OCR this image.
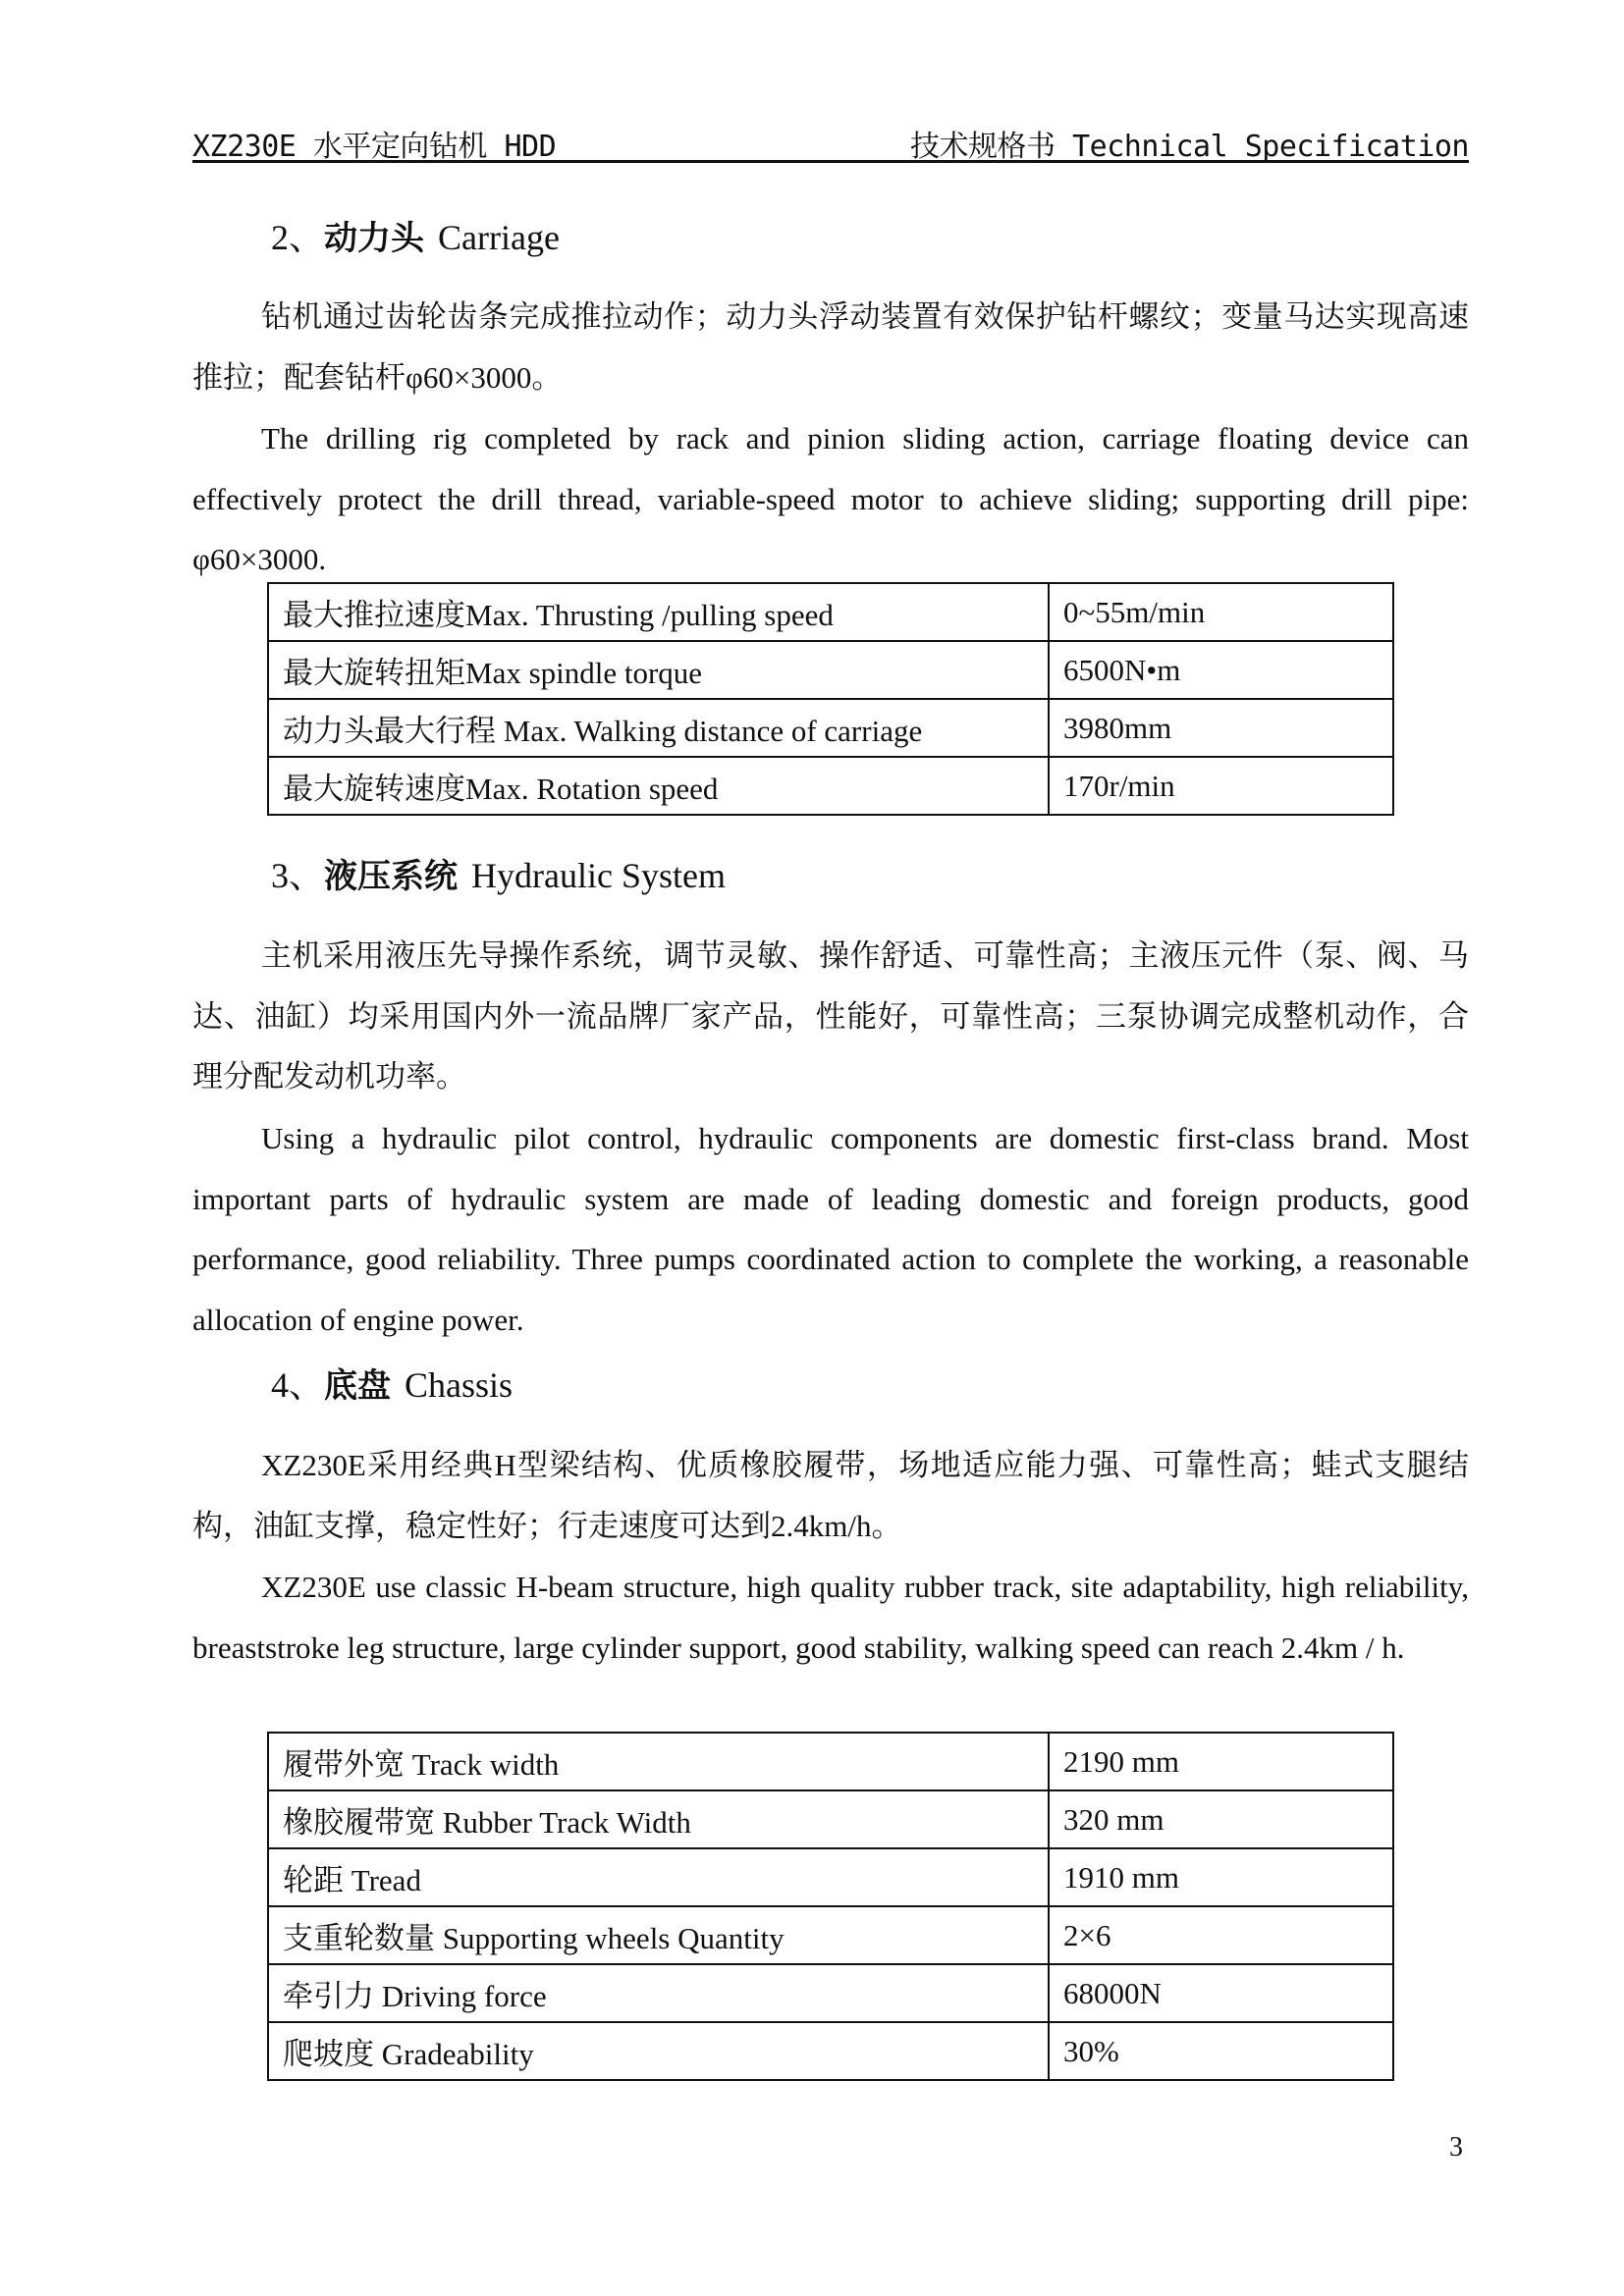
XZ230E 水平定向钻机 HDD	技术规格书 Technical Specification
2、动力头 Carriage

钻机通过齿轮齿条完成推拉动作；动力头浮动装置有效保护钻杆螺纹；变量马达实现高速推拉；配套钻杆φ60×3000。

The drilling rig completed by rack and pinion sliding action, carriage floating device can effectively protect the drill thread, variable-speed motor to achieve sliding; supporting drill pipe: φ60×3000.

最大推拉速度Max. Thrusting /pulling speed	0~55m/min
最大旋转扭矩Max spindle torque	6500N•m
动力头最大行程 Max. Walking distance of carriage	3980mm
最大旋转速度Max. Rotation speed	170r/min
3、液压系统 Hydraulic System

主机采用液压先导操作系统，调节灵敏、操作舒适、可靠性高；主液压元件（泵、阀、马达、油缸）均采用国内外一流品牌厂家产品，性能好，可靠性高；三泵协调完成整机动作，合理分配发动机功率。

Using a hydraulic pilot control, hydraulic components are domestic first-class brand. Most important parts of hydraulic system are made of leading domestic and foreign products, good performance, good reliability. Three pumps coordinated action to complete the working, a reasonable allocation of engine power.

4、底盘 Chassis

XZ230E采用经典H型梁结构、优质橡胶履带，场地适应能力强、可靠性高；蛙式支腿结构，油缸支撑，稳定性好；行走速度可达到2.4km/h。

XZ230E use classic H-beam structure, high quality rubber track, site adaptability, high reliability, breaststroke leg structure, large cylinder support, good stability, walking speed can reach 2.4km / h.

履带外宽 Track width	2190 mm
橡胶履带宽 Rubber Track Width	320 mm
轮距 Tread	1910 mm
支重轮数量 Supporting wheels Quantity	2×6
牵引力 Driving force	68000N
爬坡度 Gradeability	30%
3
